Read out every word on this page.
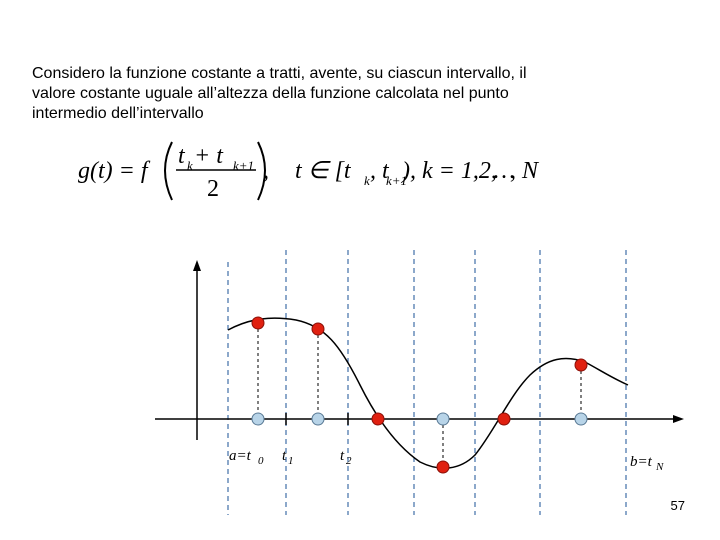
Considero la funzione costante a tratti, avente, su ciascun intervallo, il
valore costante uguale all’altezza della funzione calcolata nel punto
intermedio dell’intervallo
g(t) = f
t k + t k+1
2
, t ∈ [t k , t
k+1
), k = 1,2,
…
, N
a=t 0 t 1	t 2	b=t N
57
